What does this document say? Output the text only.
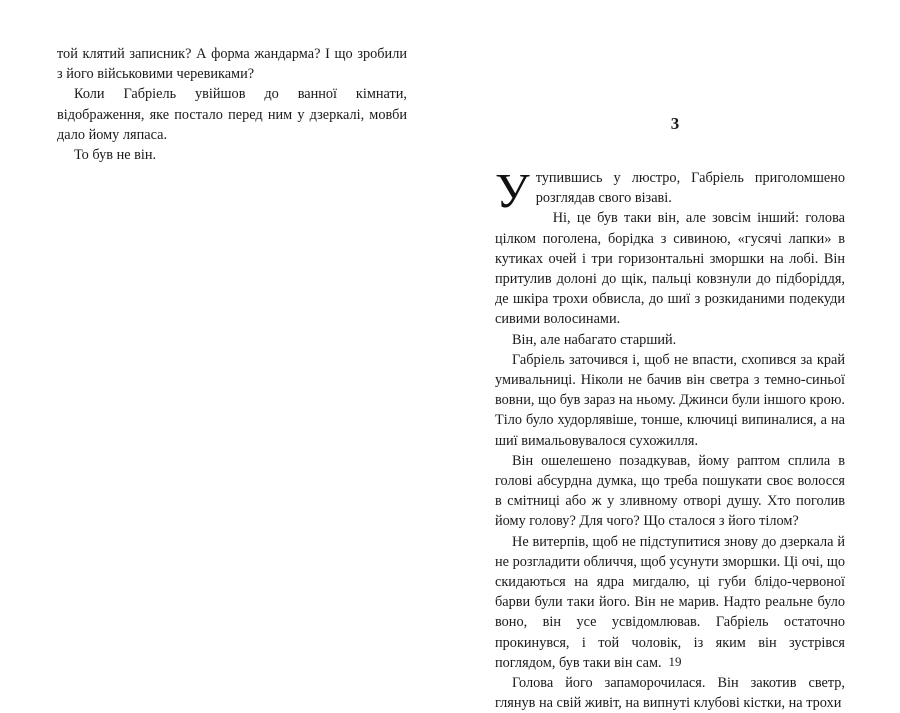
той клятий записник? А форма жандарма? І що зробили з його військовими черевиками?

Коли Габріель увійшов до ванної кімнати, відображення, яке постало перед ним у дзеркалі, мовби дало йому ляпаса.

То був не він.

3

Утупившись у люстро, Габріель приголомшено розглядав свого візаві.

Ні, це був таки він, але зовсім інший: голова цілком поголена, борідка з сивиною, «гусячі лапки» в кутиках очей і три горизонтальні зморшки на лобі. Він притулив долоні до щік, пальці ковзнули до підборіддя, де шкіра трохи обвисла, до шиї з розкиданими подекуди сивими волосинами.

Він, але набагато старший.

Габріель заточився і, щоб не впасти, схопився за край умивальниці. Ніколи не бачив він светра з темно-синьої вовни, що був зараз на ньому. Джинси були іншого крою. Тіло було худорлявіше, тонше, ключиці випиналися, а на шиї вимальовувалося сухожилля.

Він ошелешено позадкував, йому раптом сплила в голові абсурдна думка, що треба пошукати своє волосся в смітниці або ж у зливному отворі душу. Хто поголив йому голову? Для чого? Що сталося з його тілом?

Не витерпів, щоб не підступитися знову до дзеркала й не розгладити обличчя, щоб усунути зморшки. Ці очі, що скидаються на ядра мигдалю, ці губи блідо-червоної барви були таки його. Він не марив. Надто реальне було воно, він усе усвідомлював. Габріель остаточно прокинувся, і той чоловік, із яким він зустрівся поглядом, був таки він сам.

Голова його запаморочилася. Він закотив светр, глянув на свій живіт, на випнуті клубові кістки, на трохи

19
